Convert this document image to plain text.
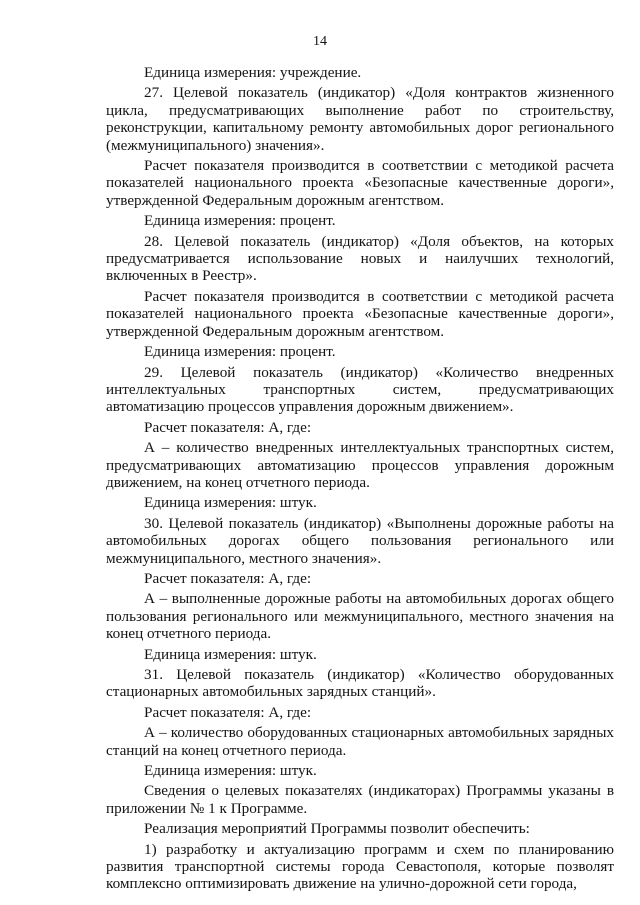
14

Единица измерения: учреждение.

27. Целевой показатель (индикатор) «Доля контрактов жизненного цикла, предусматривающих выполнение работ по строительству, реконструкции, капитальному ремонту автомобильных дорог регионального (межмуниципального) значения».

Расчет показателя производится в соответствии с методикой расчета показателей национального проекта «Безопасные качественные дороги», утвержденной Федеральным дорожным агентством.

Единица измерения: процент.

28. Целевой показатель (индикатор) «Доля объектов, на которых предусматривается использование новых и наилучших технологий, включенных в Реестр».

Расчет показателя производится в соответствии с методикой расчета показателей национального проекта «Безопасные качественные дороги», утвержденной Федеральным дорожным агентством.

Единица измерения: процент.

29. Целевой показатель (индикатор) «Количество внедренных интеллектуальных транспортных систем, предусматривающих автоматизацию процессов управления дорожным движением».

Расчет показателя: А, где:

А – количество внедренных интеллектуальных транспортных систем, предусматривающих автоматизацию процессов управления дорожным движением, на конец отчетного периода.

Единица измерения: штук.

30. Целевой показатель (индикатор) «Выполнены дорожные работы на автомобильных дорогах общего пользования регионального или межмуниципального, местного значения».

Расчет показателя: А, где:

А – выполненные дорожные работы на автомобильных дорогах общего пользования регионального или межмуниципального, местного значения на конец отчетного периода.

Единица измерения: штук.

31. Целевой показатель (индикатор) «Количество оборудованных стационарных автомобильных зарядных станций».

Расчет показателя: А, где:

А – количество оборудованных стационарных автомобильных зарядных станций на конец отчетного периода.

Единица измерения: штук.

Сведения о целевых показателях (индикаторах) Программы указаны в приложении № 1 к Программе.

Реализация мероприятий Программы позволит обеспечить:

1) разработку и актуализацию программ и схем по планированию развития транспортной системы города Севастополя, которые позволят комплексно оптимизировать движение на улично-дорожной сети города,
